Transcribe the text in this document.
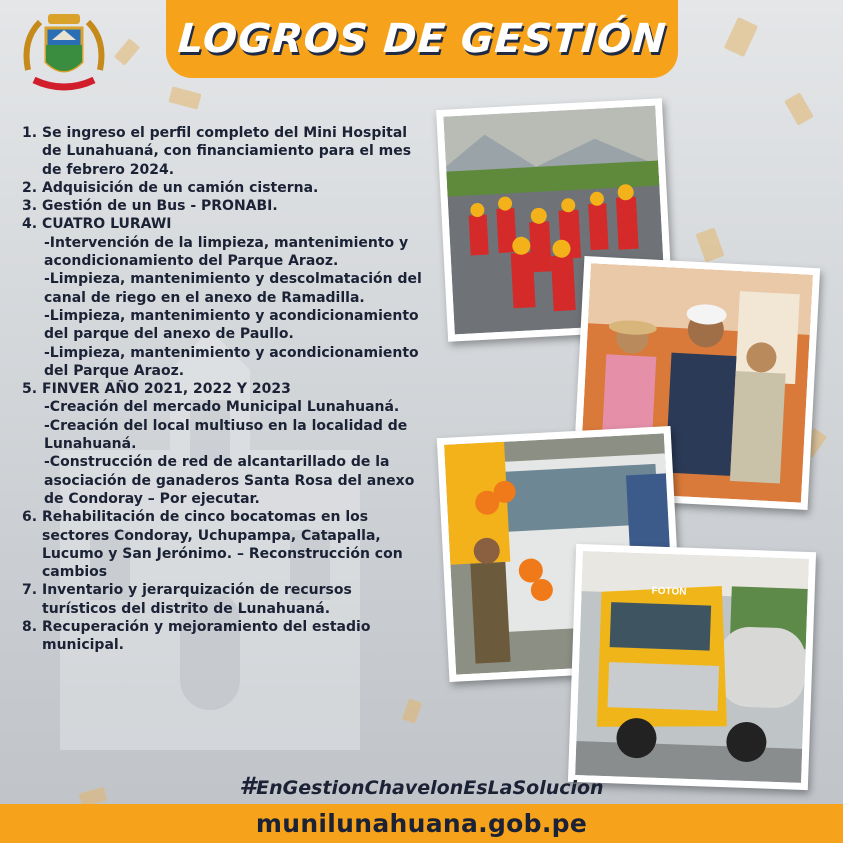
LOGROS DE GESTIÓN
1. Se ingreso el perfil completo del Mini Hospital de Lunahuaná, con financiamiento para el mes de febrero 2024.
2. Adquisición de un camión cisterna.
3. Gestión de un Bus - PRONABI.
4. CUATRO LURAWI
-Intervención de la limpieza, mantenimiento y acondicionamiento del Parque Araoz.
-Limpieza, mantenimiento y descolmatación del canal de riego en el anexo de Ramadilla.
-Limpieza, mantenimiento y acondicionamiento del parque del anexo de Paullo.
-Limpieza, mantenimiento y acondicionamiento del Parque Araoz.
5. FINVER AÑO 2021, 2022 Y 2023
-Creación del mercado Municipal Lunahuaná.
-Creación del local multiuso en la localidad de Lunahuaná.
-Construcción de red de alcantarillado de la asociación de ganaderos Santa Rosa del anexo de Condoray – Por ejecutar.
6. Rehabilitación de cinco bocatomas en los sectores Condoray, Uchupampa, Catapalla, Lucumo y San Jerónimo. – Reconstrucción con cambios
7. Inventario y jerarquización de recursos turísticos del distrito de Lunahuaná.
8. Recuperación y mejoramiento del estadio municipal.
FOTON
#EnGestionChavelonEsLaSolucion
munilunahuana.gob.pe
